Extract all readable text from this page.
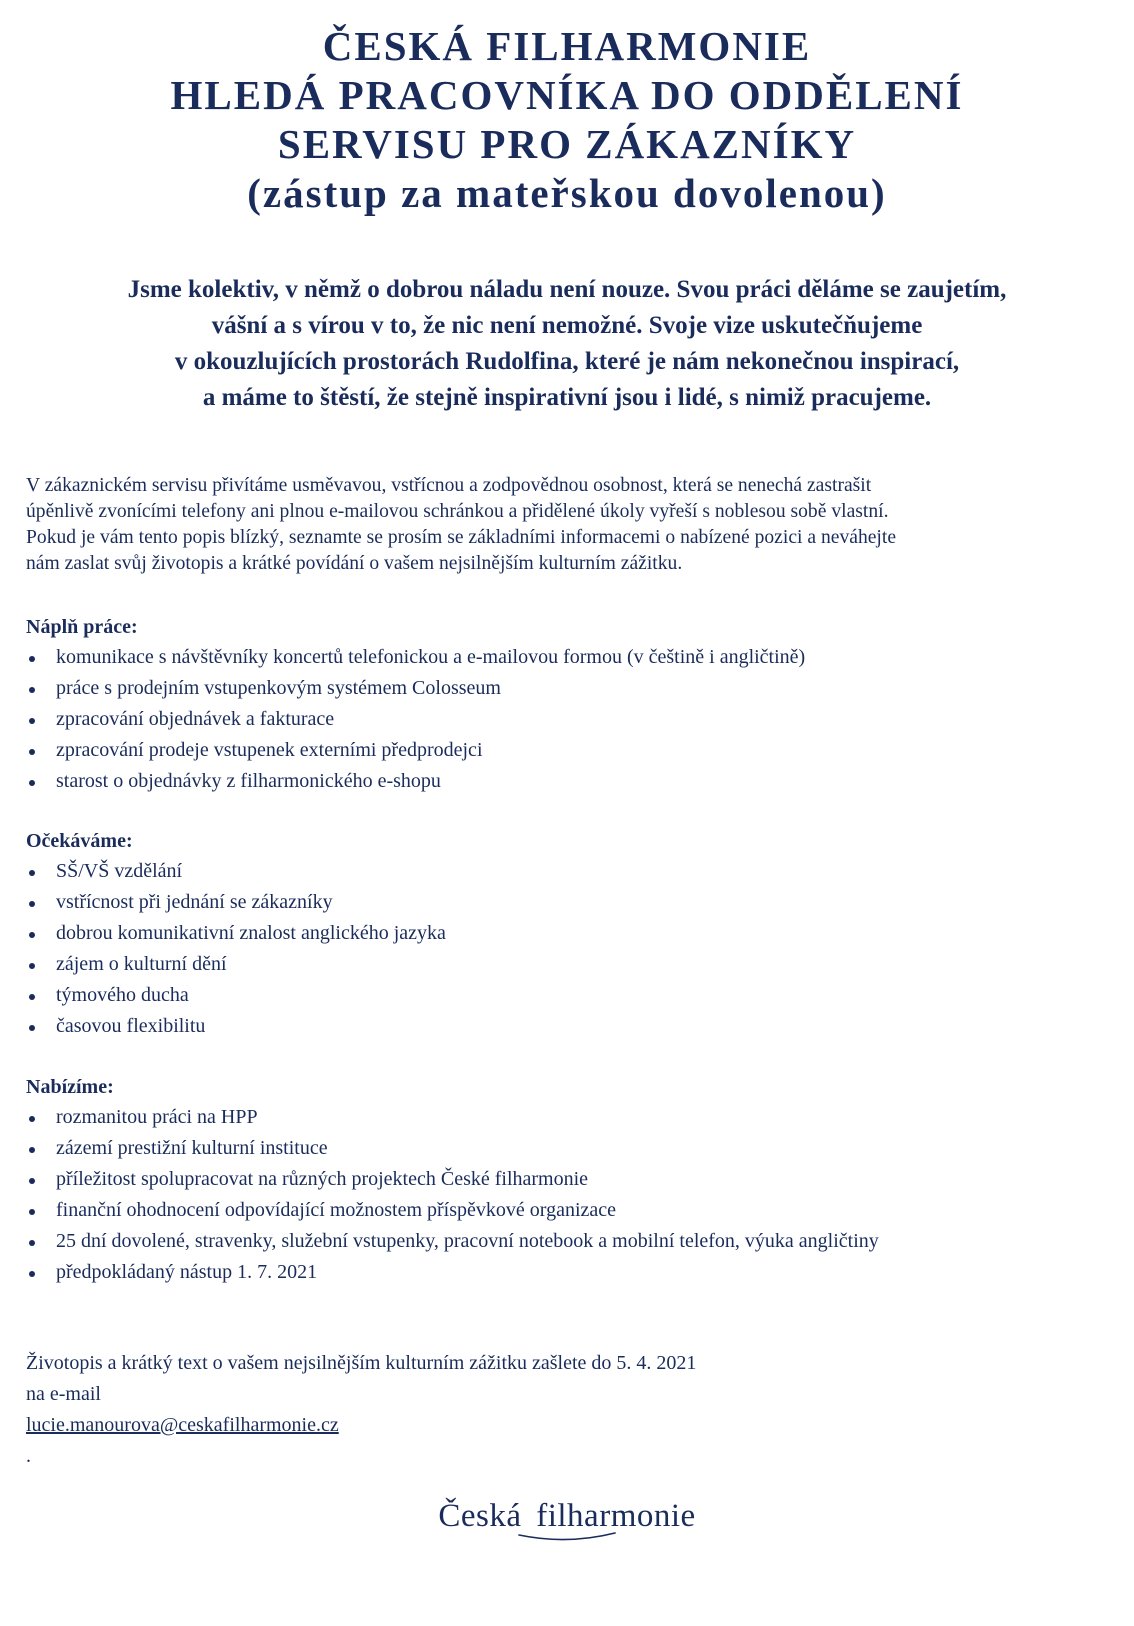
ČESKÁ FILHARMONIE
HLEDÁ PRACOVNÍKA DO ODDĚLENÍ
SERVISU PRO ZÁKAZNÍKY
(zástup za mateřskou dovolenou)

Jsme kolektiv, v němž o dobrou náladu není nouze. Svou práci děláme se zaujetím,
vášní a s vírou v to, že nic není nemožné. Svoje vize uskutečňujeme
v okouzlujících prostorách Rudolfina, které je nám nekonečnou inspirací,
a máme to štěstí, že stejně inspirativní jsou i lidé, s nimiž pracujeme.

V zákaznickém servisu přivítáme usměvavou, vstřícnou a zodpovědnou osobnost, která se nenechá zastrašit
úpěnlivě zvonícími telefony ani plnou e-mailovou schránkou a přidělené úkoly vyřeší s noblesou sobě vlastní.
Pokud je vám tento popis blízký, seznamte se prosím se základními informacemi o nabízené pozici a neváhejte
nám zaslat svůj životopis a krátké povídání o vašem nejsilnějším kulturním zážitku.

Náplň práce:

komunikace s návštěvníky koncertů telefonickou a e-mailovou formou (v češtině i angličtině)
práce s prodejním vstupenkovým systémem Colosseum
zpracování objednávek a fakturace
zpracování prodeje vstupenek externími předprodejci
starost o objednávky z filharmonického e-shopu

Očekáváme:

SŠ/VŠ vzdělání
vstřícnost při jednání se zákazníky
dobrou komunikativní znalost anglického jazyka
zájem o kulturní dění
týmového ducha
časovou flexibilitu

Nabízíme:

rozmanitou práci na HPP
zázemí prestižní kulturní instituce
příležitost spolupracovat na různých projektech České filharmonie
finanční ohodnocení odpovídající možnostem příspěvkové organizace
25 dní dovolené, stravenky, služební vstupenky, pracovní notebook a mobilní telefon, výuka angličtiny
předpokládaný nástup 1. 7. 2021
Životopis a krátký text o vašem nejsilnějším kulturním zážitku zašlete do 5. 4. 2021
na e-mail
lucie.manourova@ceskafilharmonie.cz
.
Česká filharmonie
